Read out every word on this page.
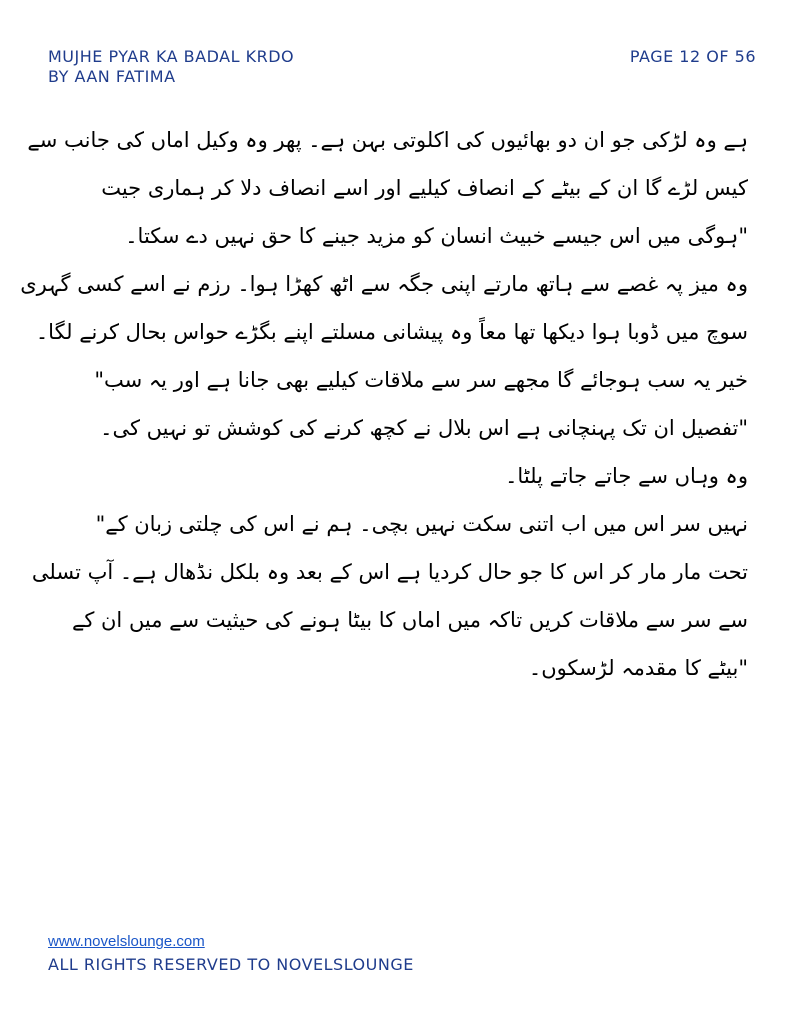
MUJHE PYAR KA BADAL KRDO
BY AAN FATIMA
PAGE 12 OF 56

ہے وہ لڑکی جو ان دو بھائیوں کی اکلوتی بہن ہے۔ پھر وہ وکیل اماں کی جانب سے
کیس لڑے گا ان کے بیٹے کے انصاف کیلیے اور اسے انصاف دلا کر ہماری جیت
"ہوگی میں اس جیسے خبیث انسان کو مزید جینے کا حق نہیں دے سکتا۔

وہ میز پہ غصے سے ہاتھ مارتے اپنی جگہ سے اٹھ کھڑا ہوا۔ رزم نے اسے کسی گہری
سوچ میں ڈوبا ہوا دیکھا تھا معاً وہ پیشانی مسلتے اپنے بگڑے حواس بحال کرنے لگا۔

خیر یہ سب ہوجائے گا مجھے سر سے ملاقات کیلیے بھی جانا ہے اور یہ سب"
"تفصیل ان تک پہنچانی ہے اس بلال نے کچھ کرنے کی کوشش تو نہیں کی۔

وہ وہاں سے جاتے جاتے پلٹا۔

نہیں سر اس میں اب اتنی سکت نہیں بچی۔ ہم نے اس کی چلتی زبان کے"
تحت مار مار کر اس کا جو حال کردیا ہے اس کے بعد وہ بلکل نڈھال ہے۔ آپ تسلی
سے سر سے ملاقات کریں تاکہ میں اماں کا بیٹا ہونے کی حیثیت سے میں ان کے
"بیٹے کا مقدمہ لڑسکوں۔

www.novelslounge.com
ALL RIGHTS RESERVED TO NOVELSLOUNGE
